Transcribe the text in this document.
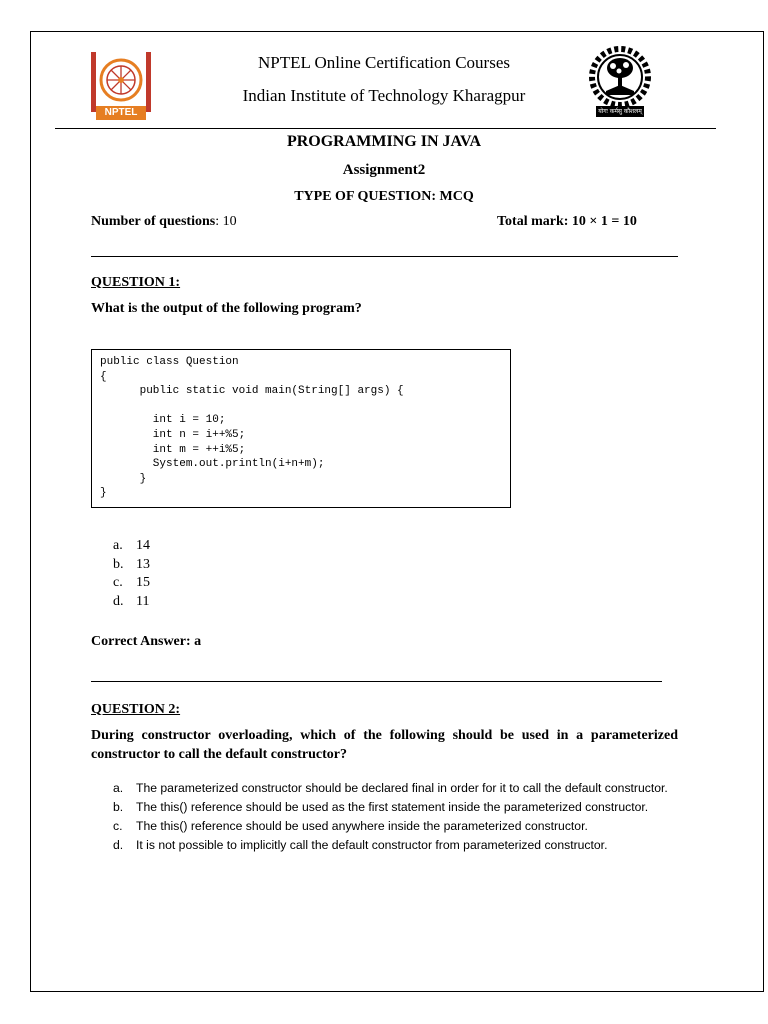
NPTEL	योगः कर्मसु कौशलम्
NPTEL Online Certification Courses
Indian Institute of Technology Kharagpur
PROGRAMMING IN JAVA
Assignment2
TYPE OF QUESTION: MCQ
Number of questions: 10	Total mark: 10 × 1 = 10
QUESTION 1:
What is the output of the following program?
public class Question
{
public static void main(String[] args) {

int i = 10;
int n = i++%5;
int m = ++i%5;
System.out.println(i+n+m);
}
}
a. 14
b. 13
c. 15
d. 11
Correct Answer: a
QUESTION 2:
During constructor overloading, which of the following should be used in a parameterized constructor to call the default constructor?
a.	The parameterized constructor should be declared final in order for it to call the default constructor.
b.	The this() reference should be used as the first statement inside the parameterized constructor.
c.	The this() reference should be used anywhere inside the parameterized constructor.
d.	It is not possible to implicitly call the default constructor from parameterized constructor.
